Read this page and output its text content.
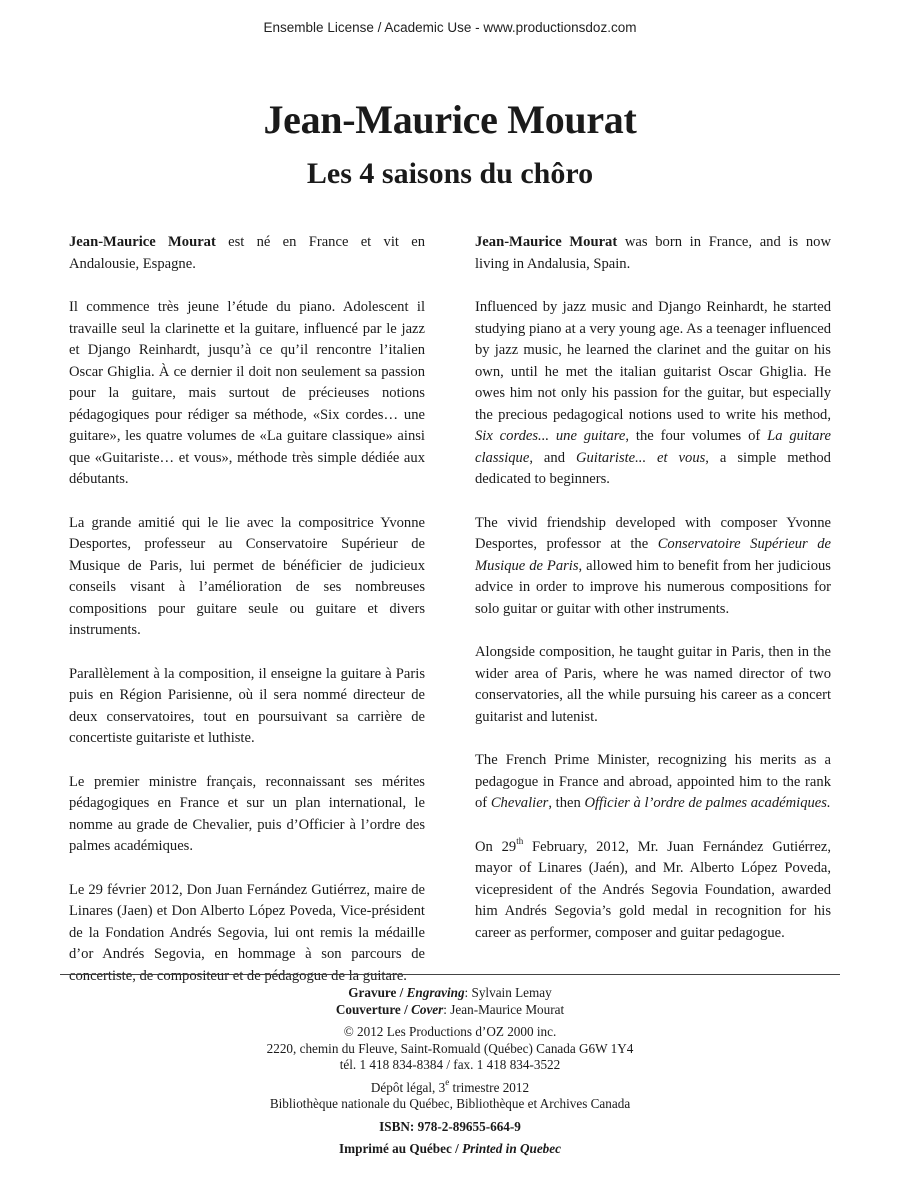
Ensemble License / Academic Use - www.productionsdoz.com
Jean-Maurice Mourat
Les 4 saisons du chôro

Jean-Maurice Mourat est né en France et vit en Andalousie, Espagne.

Il commence très jeune l’étude du piano. Adolescent il travaille seul la clarinette et la guitare, influencé par le jazz et Django Reinhardt, jusqu’à ce qu’il rencontre l’italien Oscar Ghiglia. À ce dernier il doit non seulement sa passion pour la guitare, mais surtout de précieuses notions pédagogiques pour rédiger sa méthode, «Six cordes… une guitare», les quatre volumes de «La guitare classique» ainsi que «Guitariste… et vous», méthode très simple dédiée aux débutants.

La grande amitié qui le lie avec la compositrice Yvonne Desportes, professeur au Conservatoire Supérieur de Musique de Paris, lui permet de bénéficier de judicieux conseils visant à l’amélioration de ses nombreuses compositions pour guitare seule ou guitare et divers instruments.

Parallèlement à la composition, il enseigne la guitare à Paris puis en Région Parisienne, où il sera nommé directeur de deux conservatoires, tout en poursuivant sa carrière de concertiste guitariste et luthiste.

Le premier ministre français, reconnaissant ses mérites pédagogiques en France et sur un plan international, le nomme au grade de Chevalier, puis d’Officier à l’ordre des palmes académiques.

Le 29 février 2012, Don Juan Fernández Gutiérrez, maire de Linares (Jaen) et Don Alberto López Poveda, Vice-président de la Fondation Andrés Segovia, lui ont remis la médaille d’or Andrés Segovia, en hommage à son parcours de concertiste, de compositeur et de pédagogue de la guitare.

Jean-Maurice Mourat was born in France, and is now living in Andalusia, Spain.

Influenced by jazz music and Django Reinhardt, he started studying piano at a very young age. As a teenager influenced by jazz music, he learned the clarinet and the guitar on his own, until he met the italian guitarist Oscar Ghiglia. He owes him not only his passion for the guitar, but especially the precious pedagogical notions used to write his method, Six cordes... une guitare, the four volumes of La guitare classique, and Guitariste... et vous, a simple method dedicated to beginners.

The vivid friendship developed with composer Yvonne Desportes, professor at the Conservatoire Supérieur de Musique de Paris, allowed him to benefit from her judicious advice in order to improve his numerous compositions for solo guitar or guitar with other instruments.

Alongside composition, he taught guitar in Paris, then in the wider area of Paris, where he was named director of two conservatories, all the while pursuing his career as a concert guitarist and lutenist.

The French Prime Minister, recognizing his merits as a pedagogue in France and abroad, appointed him to the rank of Chevalier, then Officier à l’ordre de palmes académiques.

On 29th February, 2012, Mr. Juan Fernández Gutiérrez, mayor of Linares (Jaén), and Mr. Alberto López Poveda, vicepresident of the Andrés Segovia Foundation, awarded him Andrés Segovia’s gold medal in recognition for his career as performer, composer and guitar pedagogue.

Gravure / Engraving: Sylvain Lemay
Couverture / Cover: Jean-Maurice Mourat
© 2012 Les Productions d’OZ 2000 inc.
2220, chemin du Fleuve, Saint-Romuald (Québec) Canada G6W 1Y4
tél. 1 418 834-8384 / fax. 1 418 834-3522
Dépôt légal, 3e trimestre 2012
Bibliothèque nationale du Québec, Bibliothèque et Archives Canada
ISBN: 978-2-89655-664-9
Imprimé au Québec / Printed in Quebec
